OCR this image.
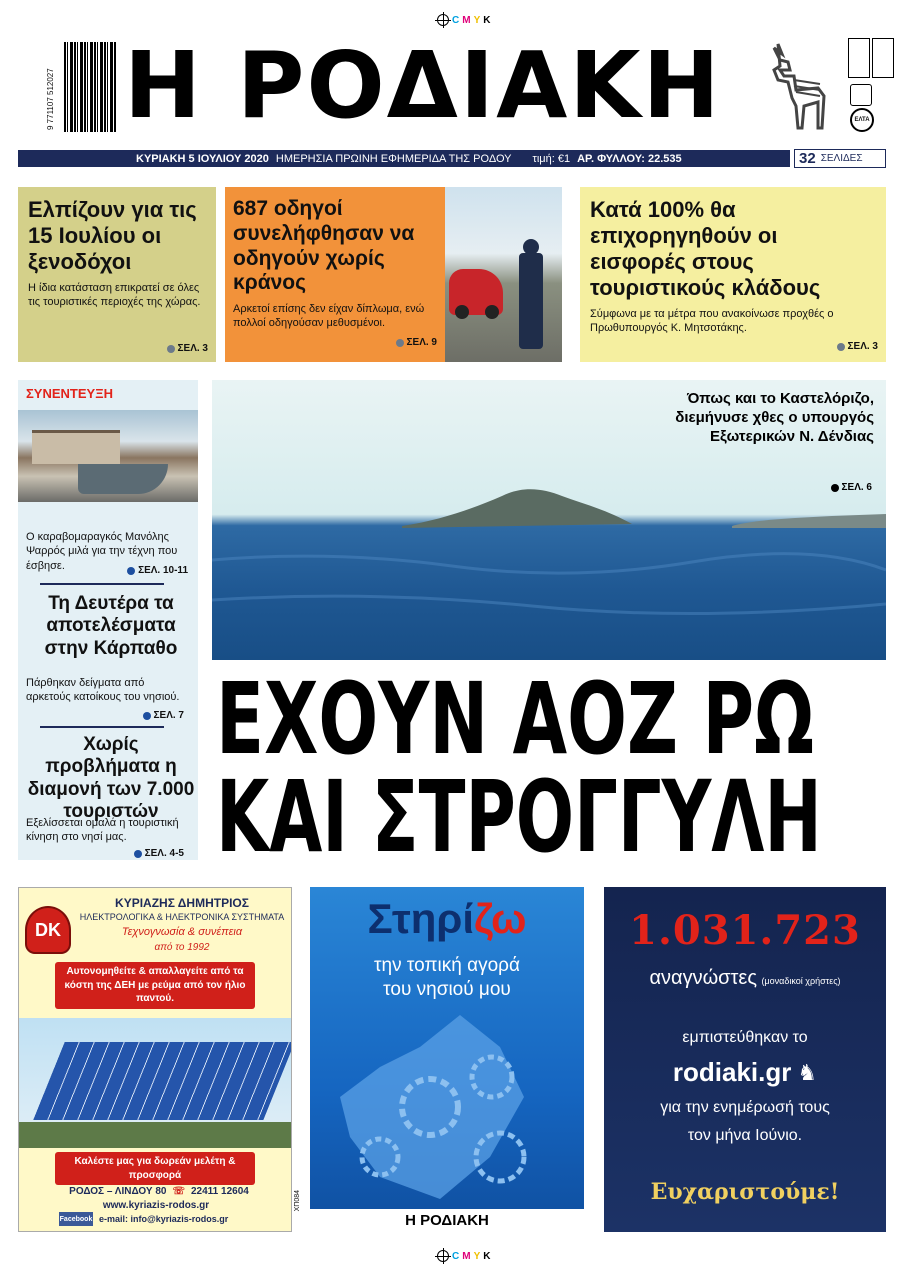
C M Y K
9 771107 512027 Η ΡΟΔΙΑΚΗ	ΕΛΤΑ
ΚΥΡΙΑΚΗ 5 ΙΟΥΛΙΟΥ 2020 ΗΜΕΡΗΣΙΑ ΠΡΩΙΝΗ ΕΦΗΜΕΡΙΔΑ ΤΗΣ ΡΟΔΟΥ τιμή: €1 ΑΡ. ΦΥΛΛΟΥ: 22.535	32 ΣΕΛΙΔΕΣ
Ελπίζουν για τις 15 Ιουλίου οι ξενοδόχοι
Η ίδια κατάσταση επικρατεί σε όλες τις τουριστικές περιοχές της χώρας.
ΣΕΛ. 3
687 οδηγοί συνελήφθησαν να οδηγούν χωρίς κράνος
Αρκετοί επίσης δεν είχαν δίπλωμα, ενώ πολλοί οδηγούσαν μεθυσμένοι.
ΣΕΛ. 9
Κατά 100% θα επιχορηγηθούν οι εισφορές στους τουριστικούς κλάδους
Σύμφωνα με τα μέτρα που ανακοίνωσε προχθές ο Πρωθυπουργός Κ. Μητσοτάκης.
ΣΕΛ. 3
ΣΥΝΕΝΤΕΥΞΗ
Ο καραβομαραγκός Μανόλης Ψαρρός μιλά για την τέχνη που έσβησε.	ΣΕΛ. 10-11
Τη Δευτέρα τα αποτελέσματα στην Κάρπαθο
Πάρθηκαν δείγματα από αρκετούς κατοίκους του νησιού.
ΣΕΛ. 7
Χωρίς προβλήματα η διαμονή των 7.000 τουριστών
Εξελίσσεται ομαλά η τουριστική κίνηση στο νησί μας.
ΣΕΛ. 4-5
Όπως και το Καστελόριζο, διεμήνυσε χθες ο υπουργός Εξωτερικών Ν. Δένδιας
ΣΕΛ. 6
ΕΧΟΥΝ ΑΟΖ ΡΩ
ΚΑΙ ΣΤΡΟΓΓΥΛΗ
DK
ΚΥΡΙΑΖΗΣ ΔΗΜΗΤΡΙΟΣ
ΗΛΕΚΤΡΟΛΟΓΙΚΑ & ΗΛΕΚΤΡΟΝΙΚΑ ΣΥΣΤΗΜΑΤΑ
Τεχνογνωσία & συνέπεια
από το 1992
Αυτονομηθείτε & απαλλαγείτε από τα κόστη της ΔΕΗ με ρεύμα από τον ήλιο παντού.
Καλέστε μας για δωρεάν μελέτη & προσφορά
ΡΟΔΟΣ – ΛΙΝΔΟΥ 80 ☏ 22411 12604
www.kyriazis-rodos.gr
Facebook e-mail: info@kyriazis-rodos.gr
ΧΠ084
Στηρίζω
την τοπική αγορά
του νησιού μου
Η ΡΟΔΙΑΚΗ
1.031.723
αναγνώστες (μοναδικοί χρήστες)
εμπιστεύθηκαν το
rodiaki.gr ♞
για την ενημέρωσή τους
τον μήνα Ιούνιο.
Ευχαριστούμε!
C M Y K
